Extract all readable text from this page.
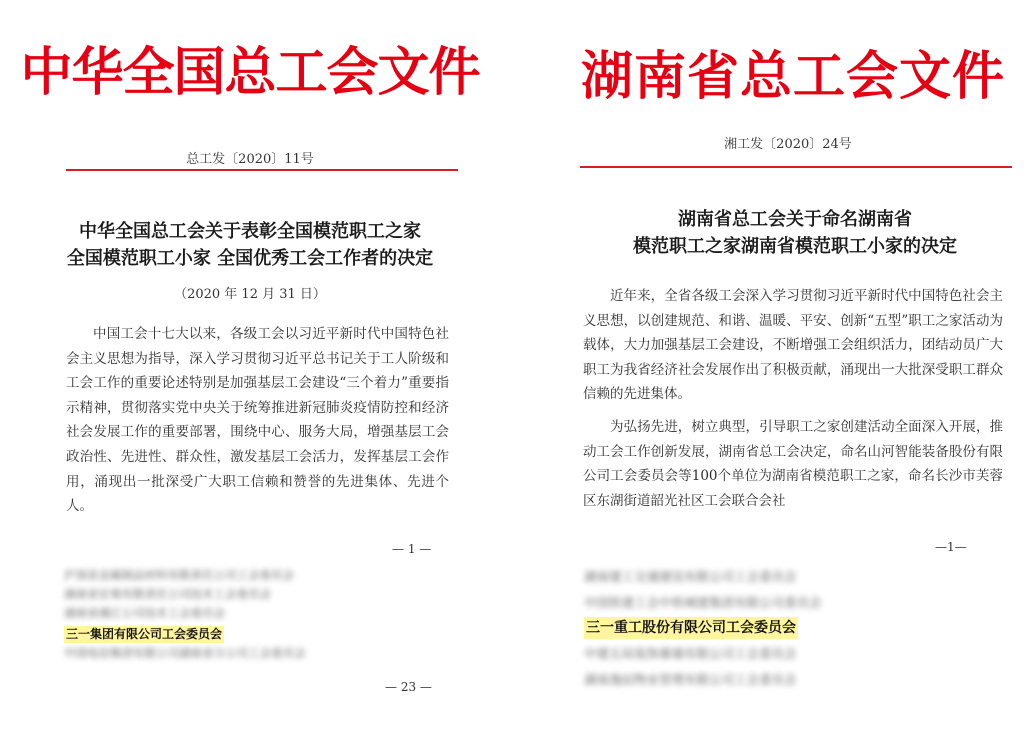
中华全国总工会文件
总工发〔2020〕11号
中华全国总工会关于表彰全国模范职工之家
全国模范职工小家 全国优秀工会工作者的决定
（2020 年 12 月 31 日）
中国工会十七大以来，各级工会以习近平新时代中国特色社会主义思想为指导，深入学习贯彻习近平总书记关于工人阶级和工会工作的重要论述特别是加强基层工会建设“三个着力”重要指示精神，贯彻落实党中央关于统筹推进新冠肺炎疫情防控和经济社会发展工作的重要部署，围绕中心、服务大局，增强基层工会政治性、先进性、群众性，激发基层工会活力，发挥基层工会作用，涌现出一批深受广大职工信赖和赞誉的先进集体、先进个人。
— 1 —
沪深县金属制品材料有限责任公司工会委员会
湖南省宏观有限责任公司技术工会委员会
湖南省湘江公司技术工会委员会
三一集团有限公司工会委员会
中国电信集团有限公司湖南省分公司工会委员会
— 23 —
湖南省总工会文件
湘工发〔2020〕24号
湖南省总工会关于命名湖南省
模范职工之家湖南省模范职工小家的决定

近年来，全省各级工会深入学习贯彻习近平新时代中国特色社会主义思想，以创建规范、和谐、温暖、平安、创新“五型”职工之家活动为载体，大力加强基层工会建设，不断增强工会组织活力，团结动员广大职工为我省经济社会发展作出了积极贡献，涌现出一大批深受职工群众信赖的先进集体。

为弘扬先进，树立典型，引导职工之家创建活动全面深入开展，推动工会工作创新发展，湖南省总工会决定，命名山河智能装备股份有限公司工会委员会等100个单位为湖南省模范职工之家，命名长沙市芙蓉区东湖街道韶光社区工会联合会社

—1—
湖南建工交通建设有限公司工会委员会
中国铁建工会中铁城建集团有限公司委员会
三一重工股份有限公司工会委员会
中建五局装饰幕墙有限公司工会委员会
湖南逸辰物业管理有限公司工会委员会
